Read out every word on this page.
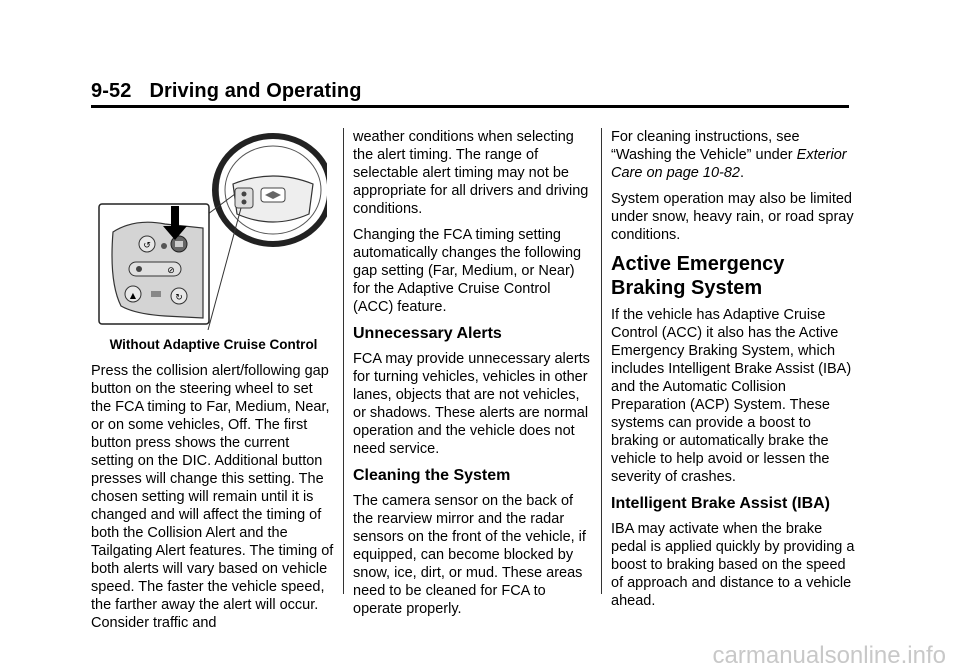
9-52 Driving and Operating
↺
⊘
▲	↻

Without Adaptive Cruise Control

Press the collision alert/following gap button on the steering wheel to set the FCA timing to Far, Medium, Near, or on some vehicles, Off. The first button press shows the current setting on the DIC. Additional button presses will change this setting. The chosen setting will remain until it is changed and will affect the timing of both the Collision Alert and the Tailgating Alert features. The timing of both alerts will vary based on vehicle speed. The faster the vehicle speed, the farther away the alert will occur. Consider traffic and

weather conditions when selecting the alert timing. The range of selectable alert timing may not be appropriate for all drivers and driving conditions.

Changing the FCA timing setting automatically changes the following gap setting (Far, Medium, or Near) for the Adaptive Cruise Control (ACC) feature.

Unnecessary Alerts

FCA may provide unnecessary alerts for turning vehicles, vehicles in other lanes, objects that are not vehicles, or shadows. These alerts are normal operation and the vehicle does not need service.

Cleaning the System

The camera sensor on the back of the rearview mirror and the radar sensors on the front of the vehicle, if equipped, can become blocked by snow, ice, dirt, or mud. These areas need to be cleaned for FCA to operate properly.

For cleaning instructions, see “Washing the Vehicle” under Exterior Care on page 10-82.

System operation may also be limited under snow, heavy rain, or road spray conditions.

Active Emergency Braking System

If the vehicle has Adaptive Cruise Control (ACC) it also has the Active Emergency Braking System, which includes Intelligent Brake Assist (IBA) and the Automatic Collision Preparation (ACP) System. These systems can provide a boost to braking or automatically brake the vehicle to help avoid or lessen the severity of crashes.

Intelligent Brake Assist (IBA)

IBA may activate when the brake pedal is applied quickly by providing a boost to braking based on the speed of approach and distance to a vehicle ahead.

carmanualsonline.info
